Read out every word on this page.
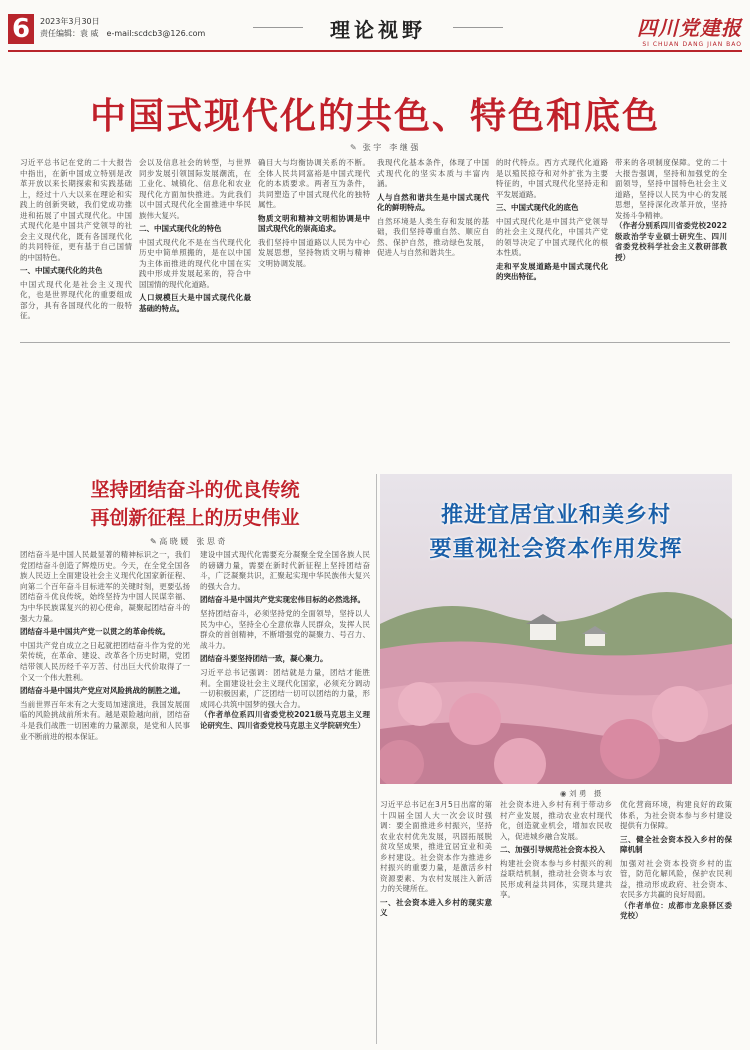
6	2023年3月30日
责任编辑：袁 威　e-mail:scdcb3@126.com	理论视野	四川党建报
SI CHUAN DANG JIAN BAO
中国式现代化的共色、特色和底色
✎ 张 宇　李 继 强

习近平总书记在党的二十大报告中指出，在新中国成立特别是改革开放以来长期探索和实践基础上，经过十八大以来在理论和实践上的创新突破，我们党成功推进和拓展了中国式现代化。中国式现代化是中国共产党领导的社会主义现代化，既有各国现代化的共同特征，更有基于自己国情的中国特色。

一、中国式现代化的共色

中国式现代化是社会主义现代化，也是世界现代化的重要组成部分，具有各国现代化的一般特征。

会以及信息社会的转型，与世界同步发展引领国际发展潮流，在工业化、城镇化、信息化和农业现代化方面加快推进。为此我们以中国式现代化全面推进中华民族伟大复兴。

二、中国式现代化的特色

中国式现代化不是在当代现代化历史中简单照搬的，是在以中国为主体而推进的现代化中国在实践中形成并发展起来的，符合中国国情的现代化道路。

人口规模巨大是中国式现代化最基础的特点。

确目大与均衡协调关系的不断。全体人民共同富裕是中国式现代化的本质要求。两者互为条件，共同塑造了中国式现代化的独特属性。

物质文明和精神文明相协调是中国式现代化的崇高追求。

我们坚持中国道路以人民为中心发展思想，坚持物质文明与精神文明协调发展。

我现代化基本条件，体现了中国式现代化的坚实本质与丰富内涵。

人与自然和谐共生是中国式现代化的鲜明特点。

自然环境是人类生存和发展的基础，我们坚持尊重自然、顺应自然、保护自然，推动绿色发展，促进人与自然和谐共生。

的时代特点。西方式现代化道路是以殖民掠夺和对外扩张为主要特征的，中国式现代化坚持走和平发展道路。

三、中国式现代化的底色

中国式现代化是中国共产党领导的社会主义现代化，中国共产党的领导决定了中国式现代化的根本性质。

走和平发展道路是中国式现代化的突出特征。

带来的各项制度保障。党的二十大报告强调，坚持和加强党的全面领导，坚持中国特色社会主义道路，坚持以人民为中心的发展思想，坚持深化改革开放，坚持发扬斗争精神。

（作者分别系四川省委党校2022级政治学专业硕士研究生、四川省委党校科学社会主义教研部教授）

坚持团结奋斗的优良传统
再创新征程上的历史伟业
✎ 高 晓 媛　张 思 奇

团结奋斗是中国人民最显著的精神标识之一，我们党团结奋斗创造了辉煌历史。今天，在全党全国各族人民迈上全面建设社会主义现代化国家新征程、向第二个百年奋斗目标进军的关键时刻，更要弘扬团结奋斗优良传统，始终坚持为中国人民谋幸福、为中华民族谋复兴的初心使命，凝聚起团结奋斗的强大力量。

团结奋斗是中国共产党一以贯之的革命传统。

中国共产党自成立之日起就把团结奋斗作为党的光荣传统，在革命、建设、改革各个历史时期，党团结带领人民历经千辛万苦、付出巨大代价取得了一个又一个伟大胜利。

团结奋斗是中国共产党应对风险挑战的制胜之道。

当前世界百年未有之大变局加速演进，我国发展面临的风险挑战前所未有。越是艰险越向前，团结奋斗是我们战胜一切困难的力量源泉，是党和人民事业不断前进的根本保证。

建设中国式现代化需要充分凝聚全党全国各族人民的磅礴力量，需要在新时代新征程上坚持团结奋斗，广泛凝聚共识，汇聚起实现中华民族伟大复兴的强大合力。

团结奋斗是中国共产党实现宏伟目标的必然选择。

坚持团结奋斗，必须坚持党的全面领导，坚持以人民为中心，坚持全心全意依靠人民群众，发挥人民群众的首创精神，不断增强党的凝聚力、号召力、战斗力。

团结奋斗要坚持团结一致，凝心聚力。

习近平总书记强调：团结就是力量，团结才能胜利。全面建设社会主义现代化国家，必须充分调动一切积极因素，广泛团结一切可以团结的力量，形成同心共筑中国梦的强大合力。

（作者单位系四川省委党校2021级马克思主义理论研究生、四川省委党校马克思主义学院研究生）

推进宜居宜业和美乡村
要重视社会资本作用发挥
◉ 刘 勇　摄

习近平总书记在3月5日出席的第十四届全国人大一次会议时强调：要全面推进乡村振兴，坚持农业农村优先发展，巩固拓展脱贫攻坚成果，推进宜居宜业和美乡村建设。社会资本作为推进乡村振兴的重要力量，是激活乡村资源要素、为农村发展注入新活力的关键所在。

一、社会资本进入乡村的现实意义

社会资本进入乡村有利于带动乡村产业发展，推动农业农村现代化，创造就业机会，增加农民收入，促进城乡融合发展。

二、加强引导规范社会资本投入

构建社会资本参与乡村振兴的利益联结机制，推动社会资本与农民形成利益共同体，实现共建共享。

优化营商环境，构建良好的政策体系，为社会资本参与乡村建设提供有力保障。

三、健全社会资本投入乡村的保障机制

加强对社会资本投资乡村的监管，防范化解风险，保护农民利益，推动形成政府、社会资本、农民多方共赢的良好局面。

（作者单位：成都市龙泉驿区委党校）
